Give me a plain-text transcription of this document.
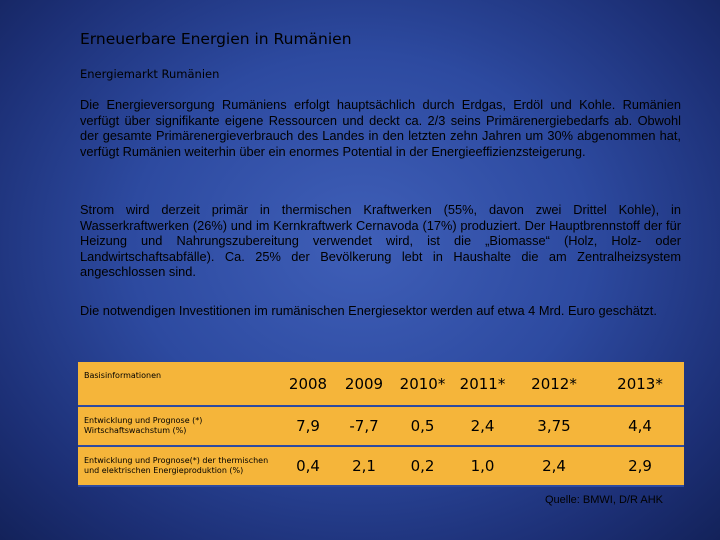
Erneuerbare Energien in Rumänien
Energiemarkt Rumänien

Die Energieversorgung Rumäniens erfolgt hauptsächlich durch Erdgas, Erdöl und Kohle. Rumänien verfügt über signifikante eigene Ressourcen und deckt ca. 2/3 seins Primärenergiebedarfs ab. Obwohl der gesamte Primärenergieverbrauch des Landes in den letzten zehn Jahren um 30% abgenommen hat, verfügt Rumänien weiterhin über ein enormes Potential in der Energieeffizienzsteigerung.

Strom wird derzeit primär in thermischen Kraftwerken (55%, davon zwei Drittel Kohle), in Wasserkraftwerken (26%) und im Kernkraftwerk Cernavoda (17%) produziert. Der Hauptbrennstoff der für Heizung und Nahrungszubereitung verwendet wird, ist die „Biomasse“ (Holz, Holz- oder Landwirtschaftsabfälle). Ca. 25% der Bevölkerung lebt in Haushalte die am Zentralheizsystem angeschlossen sind.

Die notwendigen Investitionen im rumänischen Energiesektor werden auf etwa 4 Mrd. Euro geschätzt.

Basisinformationen	2008	2009	2010*	2011*	2012*	2013*
Entwicklung und Prognose (*) Wirtschaftswachstum (%)	7,9	-7,7	0,5	2,4	3,75	4,4
Entwicklung und Prognose(*) der thermischen und elektrischen Energieproduktion (%)	0,4	2,1	0,2	1,0	2,4	2,9
Quelle: BMWI, D/R AHK
